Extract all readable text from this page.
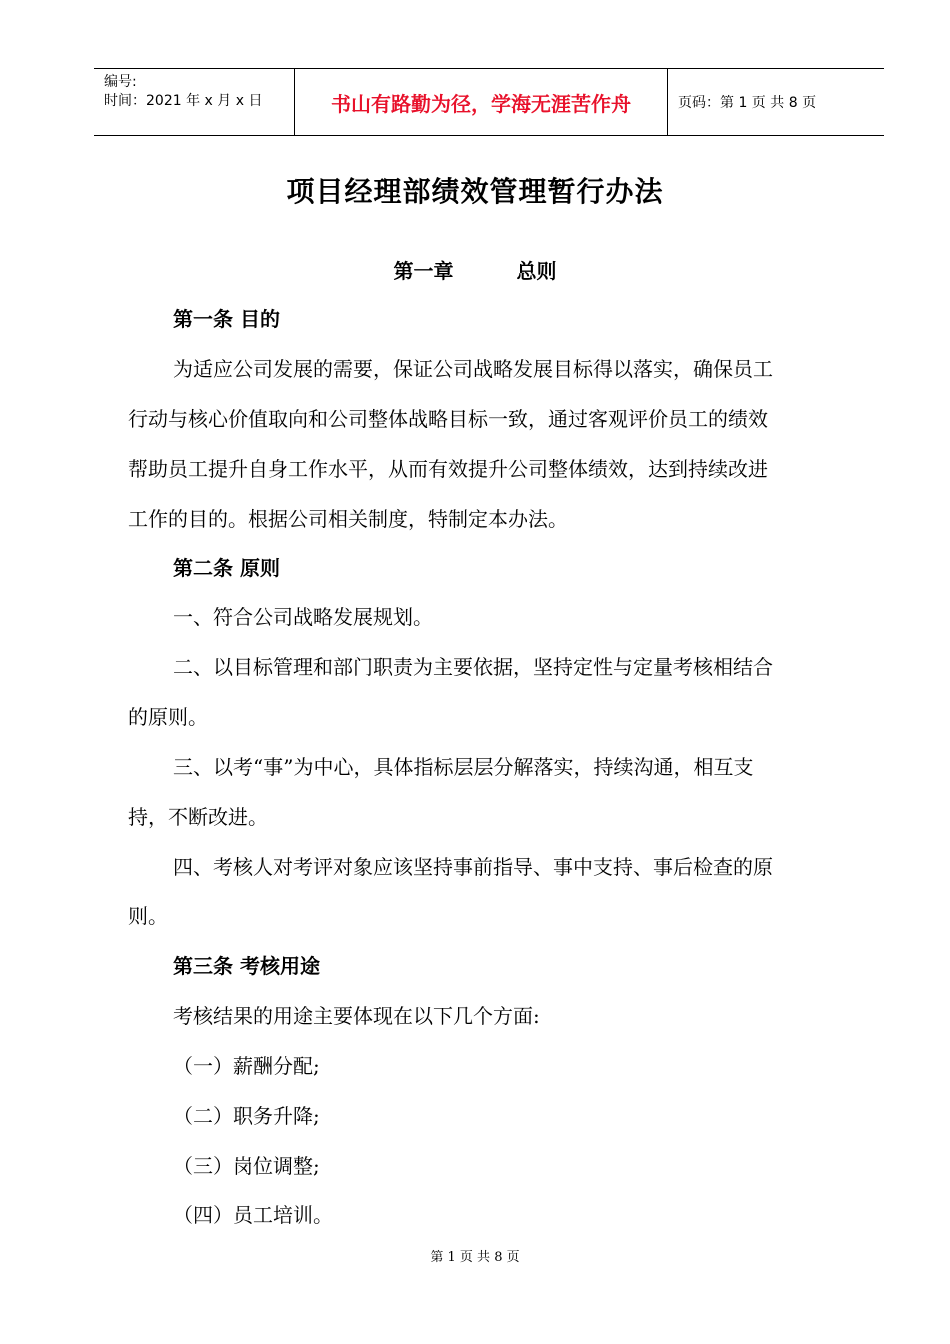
编号:
时间：2021 年 x 月 x 日	书山有路勤为径，学海无涯苦作舟	页码：第 1 页 共 8 页
项目经理部绩效管理暂行办法
第一章	总则
第一条 目的
为适应公司发展的需要，保证公司战略发展目标得以落实，确保员工
行动与核心价值取向和公司整体战略目标一致，通过客观评价员工的绩效
帮助员工提升自身工作水平，从而有效提升公司整体绩效，达到持续改进
工作的目的。根据公司相关制度，特制定本办法。
第二条 原则
一、符合公司战略发展规划。
二、以目标管理和部门职责为主要依据，坚持定性与定量考核相结合
的原则。
三、以考“事”为中心，具体指标层层分解落实，持续沟通，相互支
持，不断改进。
四、考核人对考评对象应该坚持事前指导、事中支持、事后检查的原
则。
第三条 考核用途
考核结果的用途主要体现在以下几个方面:
（一）薪酬分配;
（二）职务升降;
（三）岗位调整;
（四）员工培训。
第 1 页 共 8 页
